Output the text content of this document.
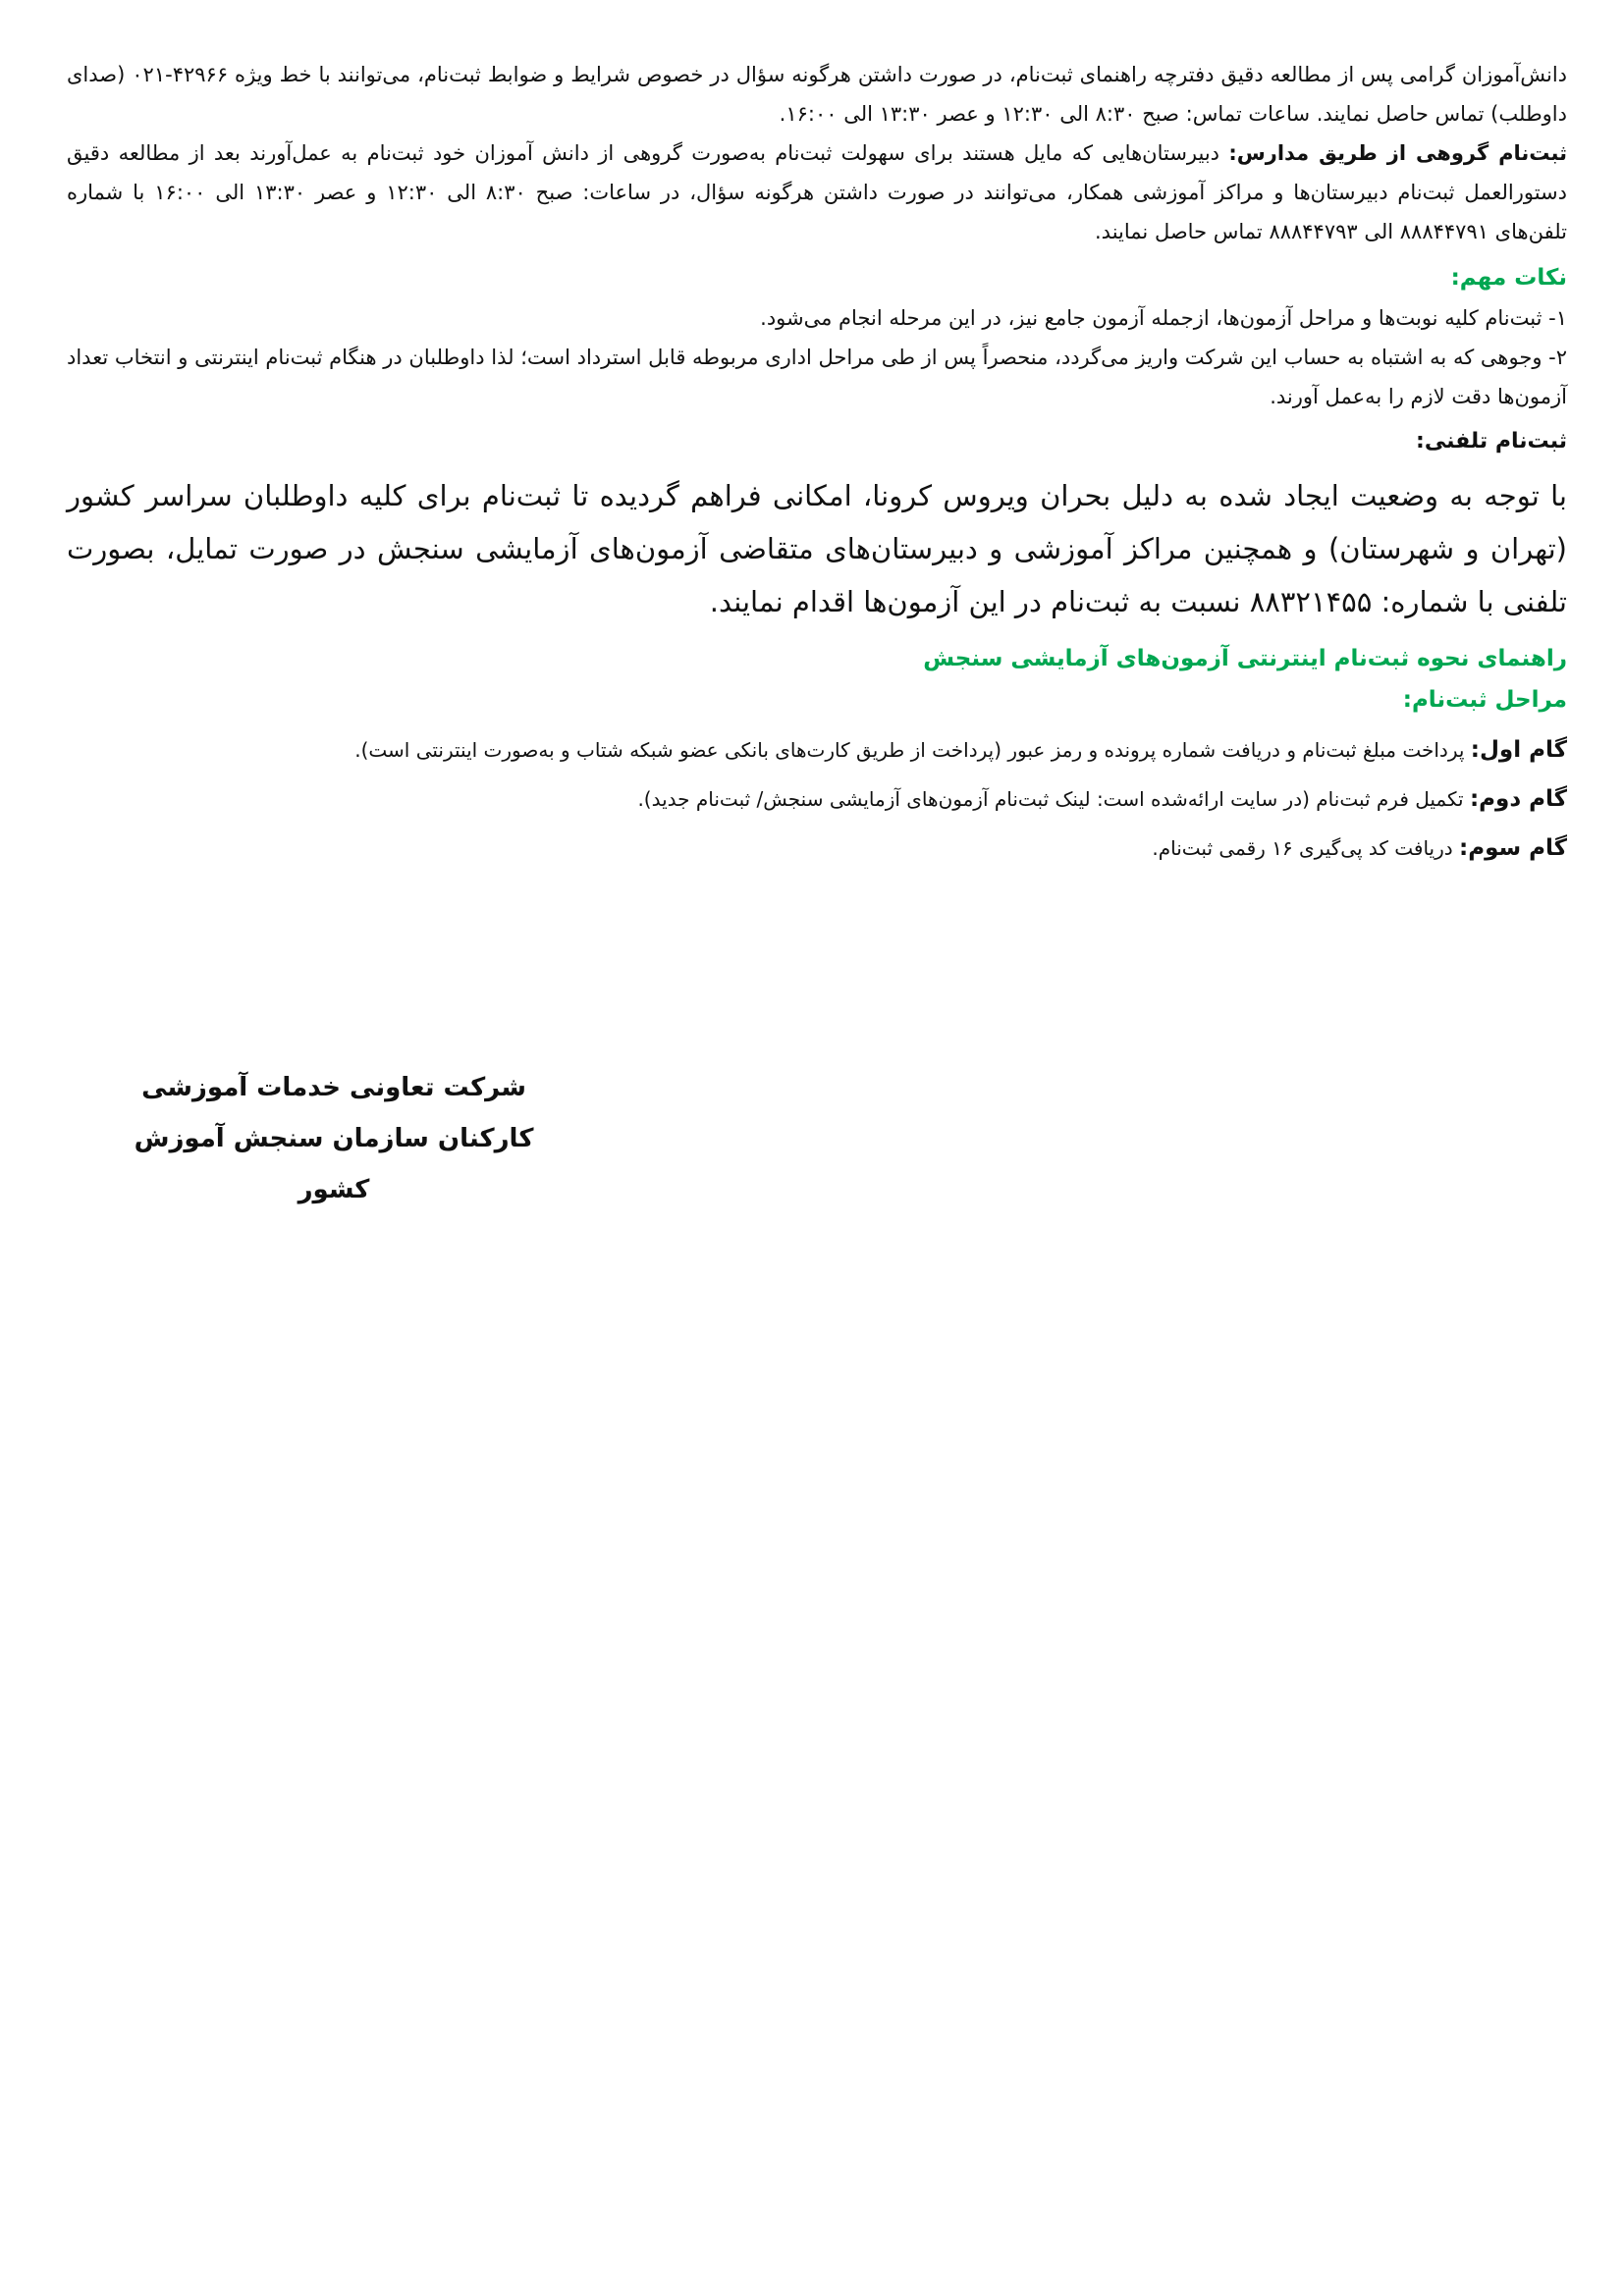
دانش‌آموزان گرامی پس از مطالعه دقیق دفترچه راهنمای ثبت‌نام، در صورت داشتن هرگونه سؤال در خصوص شرایط و ضوابط ثبت‌نام، می‌توانند با خط ویژه ۴۲۹۶۶-۰۲۱ (صدای داوطلب) تماس حاصل نمایند. ساعات تماس: صبح ۸:۳۰ الی ۱۲:۳۰ و عصر ۱۳:۳۰ الی ۱۶:۰۰.

ثبت‌نام گروهی از طریق مدارس: دبیرستان‌هایی که مایل هستند برای سهولت ثبت‌نام به‌صورت گروهی از دانش آموزان خود ثبت‌نام به عمل‌آورند بعد از مطالعه دقیق دستورالعمل ثبت‌نام دبیرستان‌ها و مراکز آموزشی همکار، می‌توانند در صورت داشتن هرگونه سؤال، در ساعات: صبح ۸:۳۰ الی ۱۲:۳۰ و عصر ۱۳:۳۰ الی ۱۶:۰۰ با شماره تلفن‌های ۸۸۸۴۴۷۹۱ الی ۸۸۸۴۴۷۹۳ تماس حاصل نمایند.

نکات مهم:

۱- ثبت‌نام کلیه نوبت‌ها و مراحل آزمون‌ها، ازجمله آزمون جامع نیز، در این مرحله انجام می‌شود.

۲- وجوهی که به اشتباه به حساب این شرکت واریز می‌گردد، منحصراً پس از طی مراحل اداری مربوطه قابل استرداد است؛ لذا داوطلبان در هنگام ثبت‌نام اینترنتی و انتخاب تعداد آزمون‌ها دقت لازم را به‌عمل آورند.

ثبت‌نام تلفنی:

با توجه به وضعیت ایجاد شده به دلیل بحران ویروس کرونا، امکانی فراهم گردیده تا ثبت‌نام برای کلیه داوطلبان سراسر کشور (تهران و شهرستان) و همچنین مراکز آموزشی و دبیرستان‌های متقاضی آزمون‌های آزمایشی سنجش در صورت تمایل، بصورت تلفنی با شماره: ۸۸۳۲۱۴۵۵ نسبت به ثبت‌نام در این آزمون‌ها اقدام نمایند.

راهنمای نحوه ثبت‌نام اینترنتی آزمون‌های آزمایشی سنجش

مراحل ثبت‌نام:

گام اول: پرداخت مبلغ ثبت‌نام و دریافت شماره پرونده و رمز عبور (پرداخت از طریق کارت‌های بانکی عضو شبکه شتاب و به‌صورت اینترنتی است).

گام دوم: تکمیل فرم ثبت‌نام (در سایت ارائه‌شده است: لینک ثبت‌نام آزمون‌های آزمایشی سنجش/ ثبت‌نام جدید).

گام سوم: دریافت کد پی‌گیری ۱۶ رقمی ثبت‌نام.

شرکت تعاونی خدمات آموزشی
کارکنان سازمان سنجش آموزش کشور
